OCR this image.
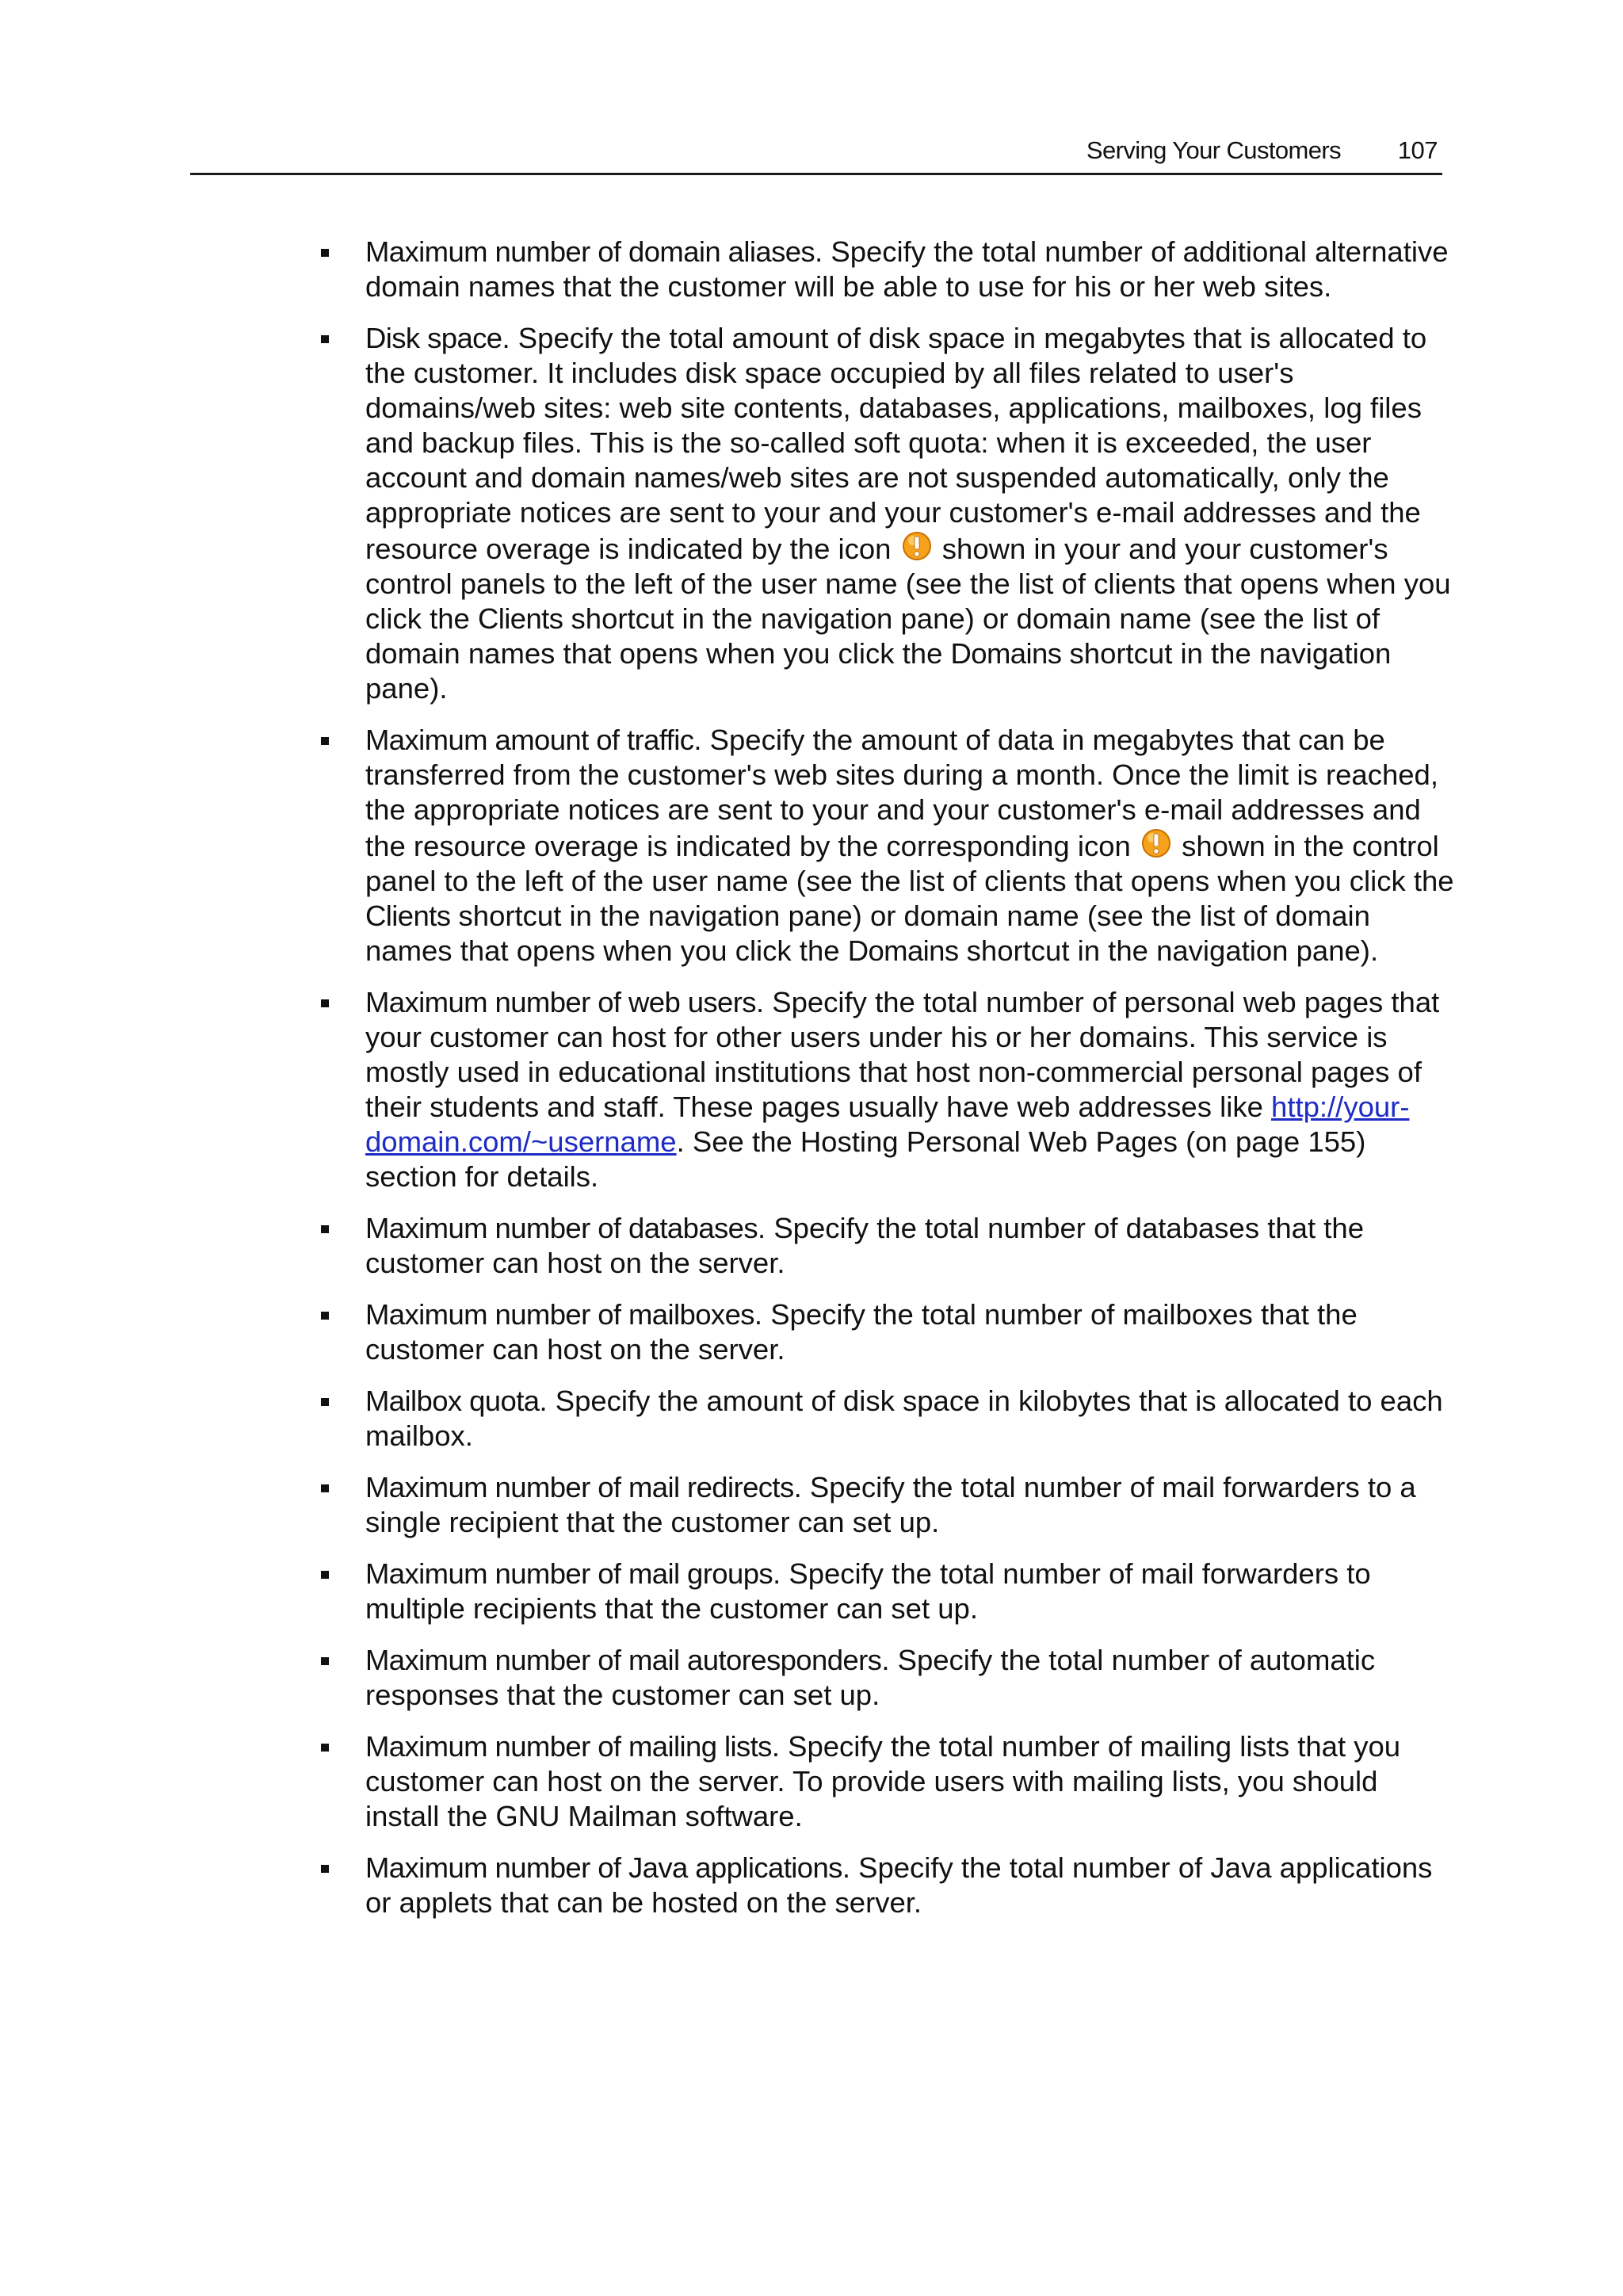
Serving Your Customers 107
Maximum number of domain aliases. Specify the total number of additional alternative domain names that the customer will be able to use for his or her web sites.
Disk space. Specify the total amount of disk space in megabytes that is allocated to the customer. It includes disk space occupied by all files related to user's domains/web sites: web site contents, databases, applications, mailboxes, log files and backup files. This is the so-called soft quota: when it is exceeded, the user account and domain names/web sites are not suspended automatically, only the appropriate notices are sent to your and your customer's e-mail addresses and the resource overage is indicated by the icon  shown in your and your customer's control panels to the left of the user name (see the list of clients that opens when you click the Clients shortcut in the navigation pane) or domain name (see the list of domain names that opens when you click the Domains shortcut in the navigation pane).
Maximum amount of traffic. Specify the amount of data in megabytes that can be transferred from the customer's web sites during a month. Once the limit is reached, the appropriate notices are sent to your and your customer's e-mail addresses and the resource overage is indicated by the corresponding icon  shown in the control panel to the left of the user name (see the list of clients that opens when you click the Clients shortcut in the navigation pane) or domain name (see the list of domain names that opens when you click the Domains shortcut in the navigation pane).
Maximum number of web users. Specify the total number of personal web pages that your customer can host for other users under his or her domains. This service is mostly used in educational institutions that host non-commercial personal pages of their students and staff. These pages usually have web addresses like http://your-domain.com/~username. See the Hosting Personal Web Pages (on page 155) section for details.
Maximum number of databases. Specify the total number of databases that the customer can host on the server.
Maximum number of mailboxes. Specify the total number of mailboxes that the customer can host on the server.
Mailbox quota. Specify the amount of disk space in kilobytes that is allocated to each mailbox.
Maximum number of mail redirects. Specify the total number of mail forwarders to a single recipient that the customer can set up.
Maximum number of mail groups. Specify the total number of mail forwarders to multiple recipients that the customer can set up.
Maximum number of mail autoresponders. Specify the total number of automatic responses that the customer can set up.
Maximum number of mailing lists. Specify the total number of mailing lists that you customer can host on the server. To provide users with mailing lists, you should install the GNU Mailman software.
Maximum number of Java applications. Specify the total number of Java applications or applets that can be hosted on the server.
